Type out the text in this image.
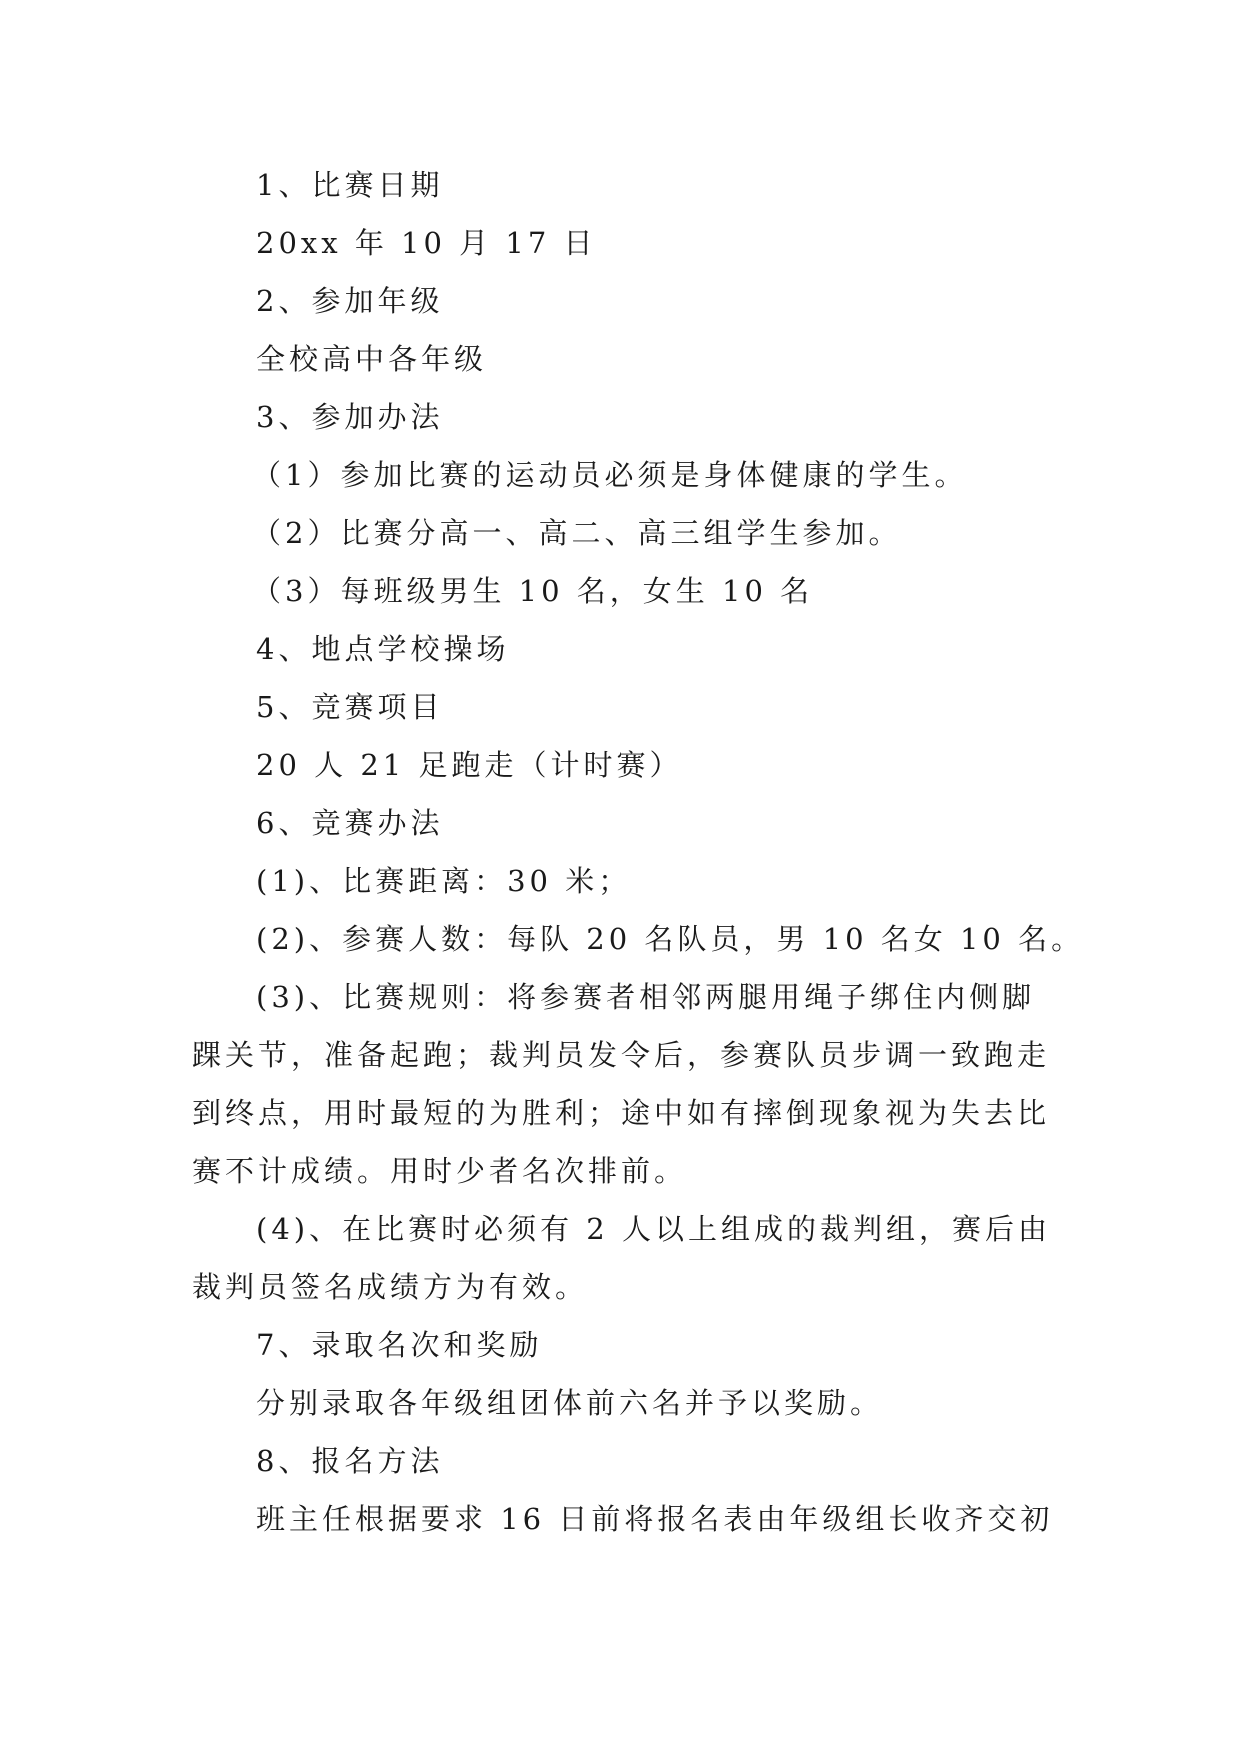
1、比赛日期
20xx 年 10 月 17 日
2、参加年级
全校高中各年级
3、参加办法
（1）参加比赛的运动员必须是身体健康的学生。
（2）比赛分高一、高二、高三组学生参加。
（3）每班级男生 10 名，女生 10 名
4、地点学校操场
5、竞赛项目
20 人 21 足跑走（计时赛）
6、竞赛办法
(1)、比赛距离：30 米；
(2)、参赛人数：每队 20 名队员，男 10 名女 10 名。
(3)、比赛规则：将参赛者相邻两腿用绳子绑住内侧脚
踝关节，准备起跑；裁判员发令后，参赛队员步调一致跑走
到终点，用时最短的为胜利；途中如有摔倒现象视为失去比
赛不计成绩。用时少者名次排前。
(4)、在比赛时必须有 2 人以上组成的裁判组，赛后由
裁判员签名成绩方为有效。
7、录取名次和奖励
分别录取各年级组团体前六名并予以奖励。
8、报名方法
班主任根据要求 16 日前将报名表由年级组长收齐交初
